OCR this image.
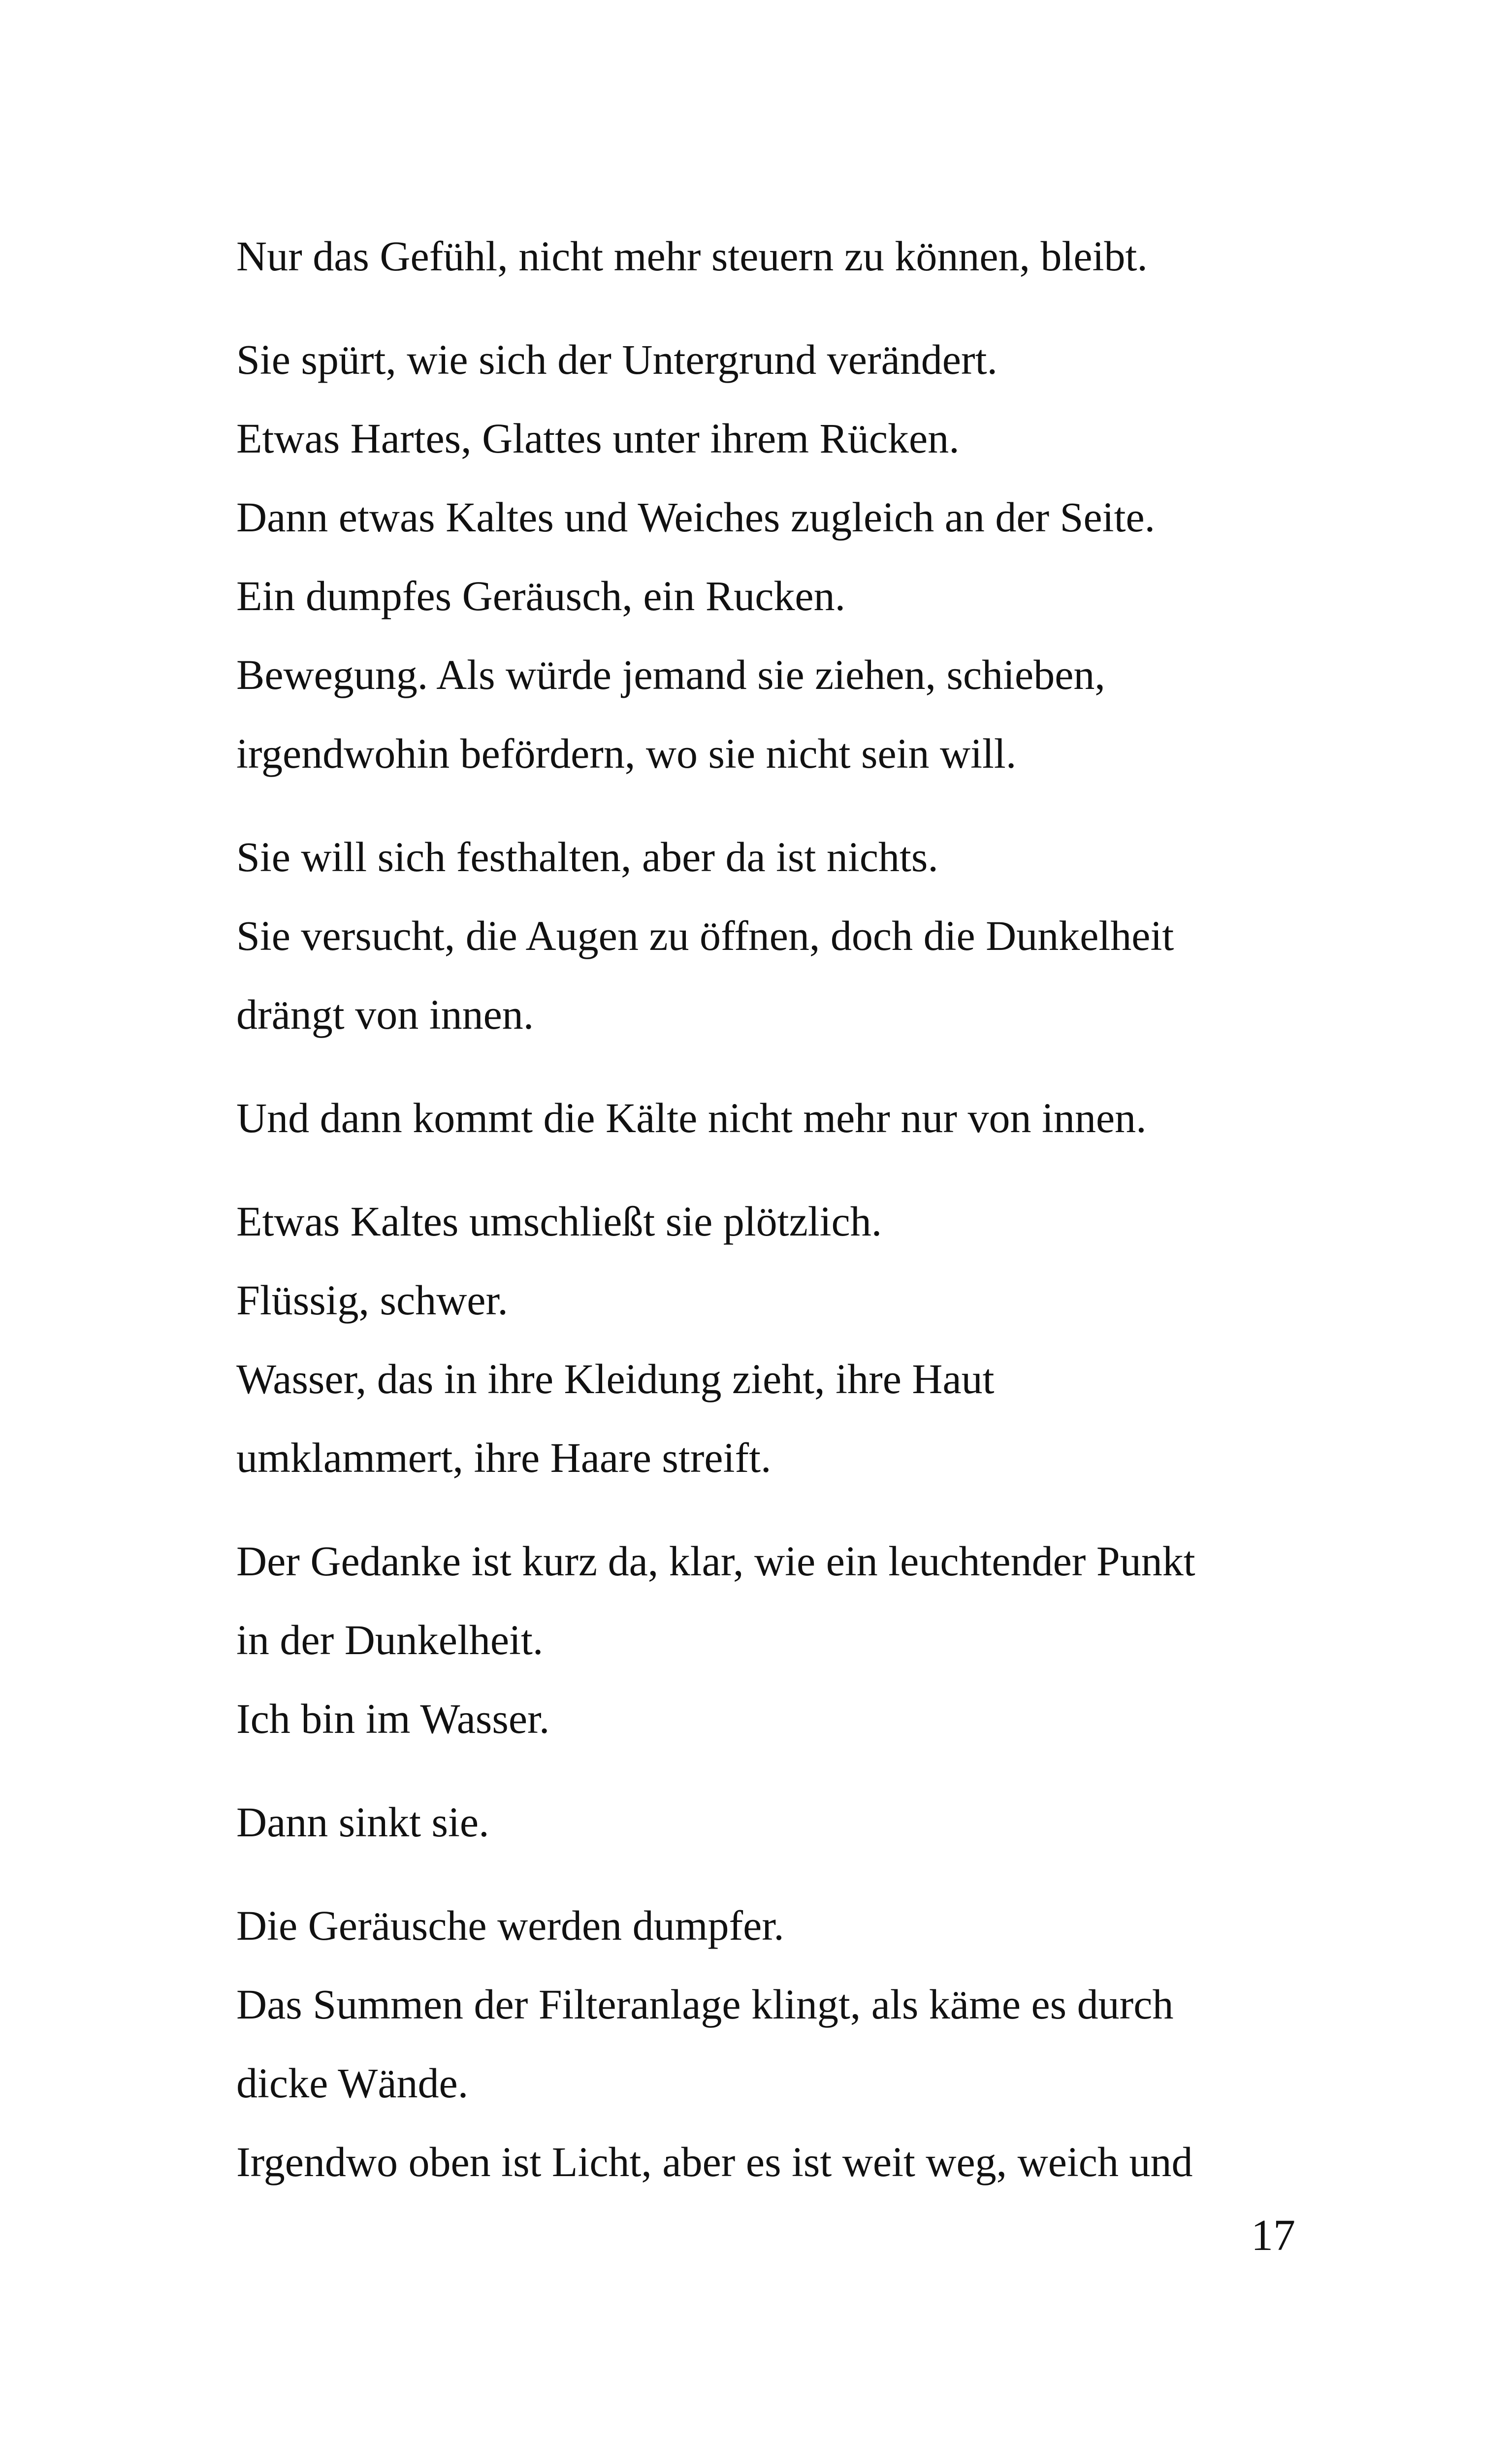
Nur das Gefühl, nicht mehr steuern zu können, bleibt.

Sie spürt, wie sich der Untergrund verändert.
Etwas Hartes, Glattes unter ihrem Rücken.
Dann etwas Kaltes und Weiches zugleich an der Seite.
Ein dumpfes Geräusch, ein Rucken.
Bewegung. Als würde jemand sie ziehen, schieben,
irgendwohin befördern, wo sie nicht sein will.

Sie will sich festhalten, aber da ist nichts.
Sie versucht, die Augen zu öffnen, doch die Dunkelheit
drängt von innen.

Und dann kommt die Kälte nicht mehr nur von innen.

Etwas Kaltes umschließt sie plötzlich.
Flüssig, schwer.
Wasser, das in ihre Kleidung zieht, ihre Haut
umklammert, ihre Haare streift.

Der Gedanke ist kurz da, klar, wie ein leuchtender Punkt
in der Dunkelheit.
Ich bin im Wasser.

Dann sinkt sie.

Die Geräusche werden dumpfer.
Das Summen der Filteranlage klingt, als käme es durch
dicke Wände.
Irgendwo oben ist Licht, aber es ist weit weg, weich und

17
